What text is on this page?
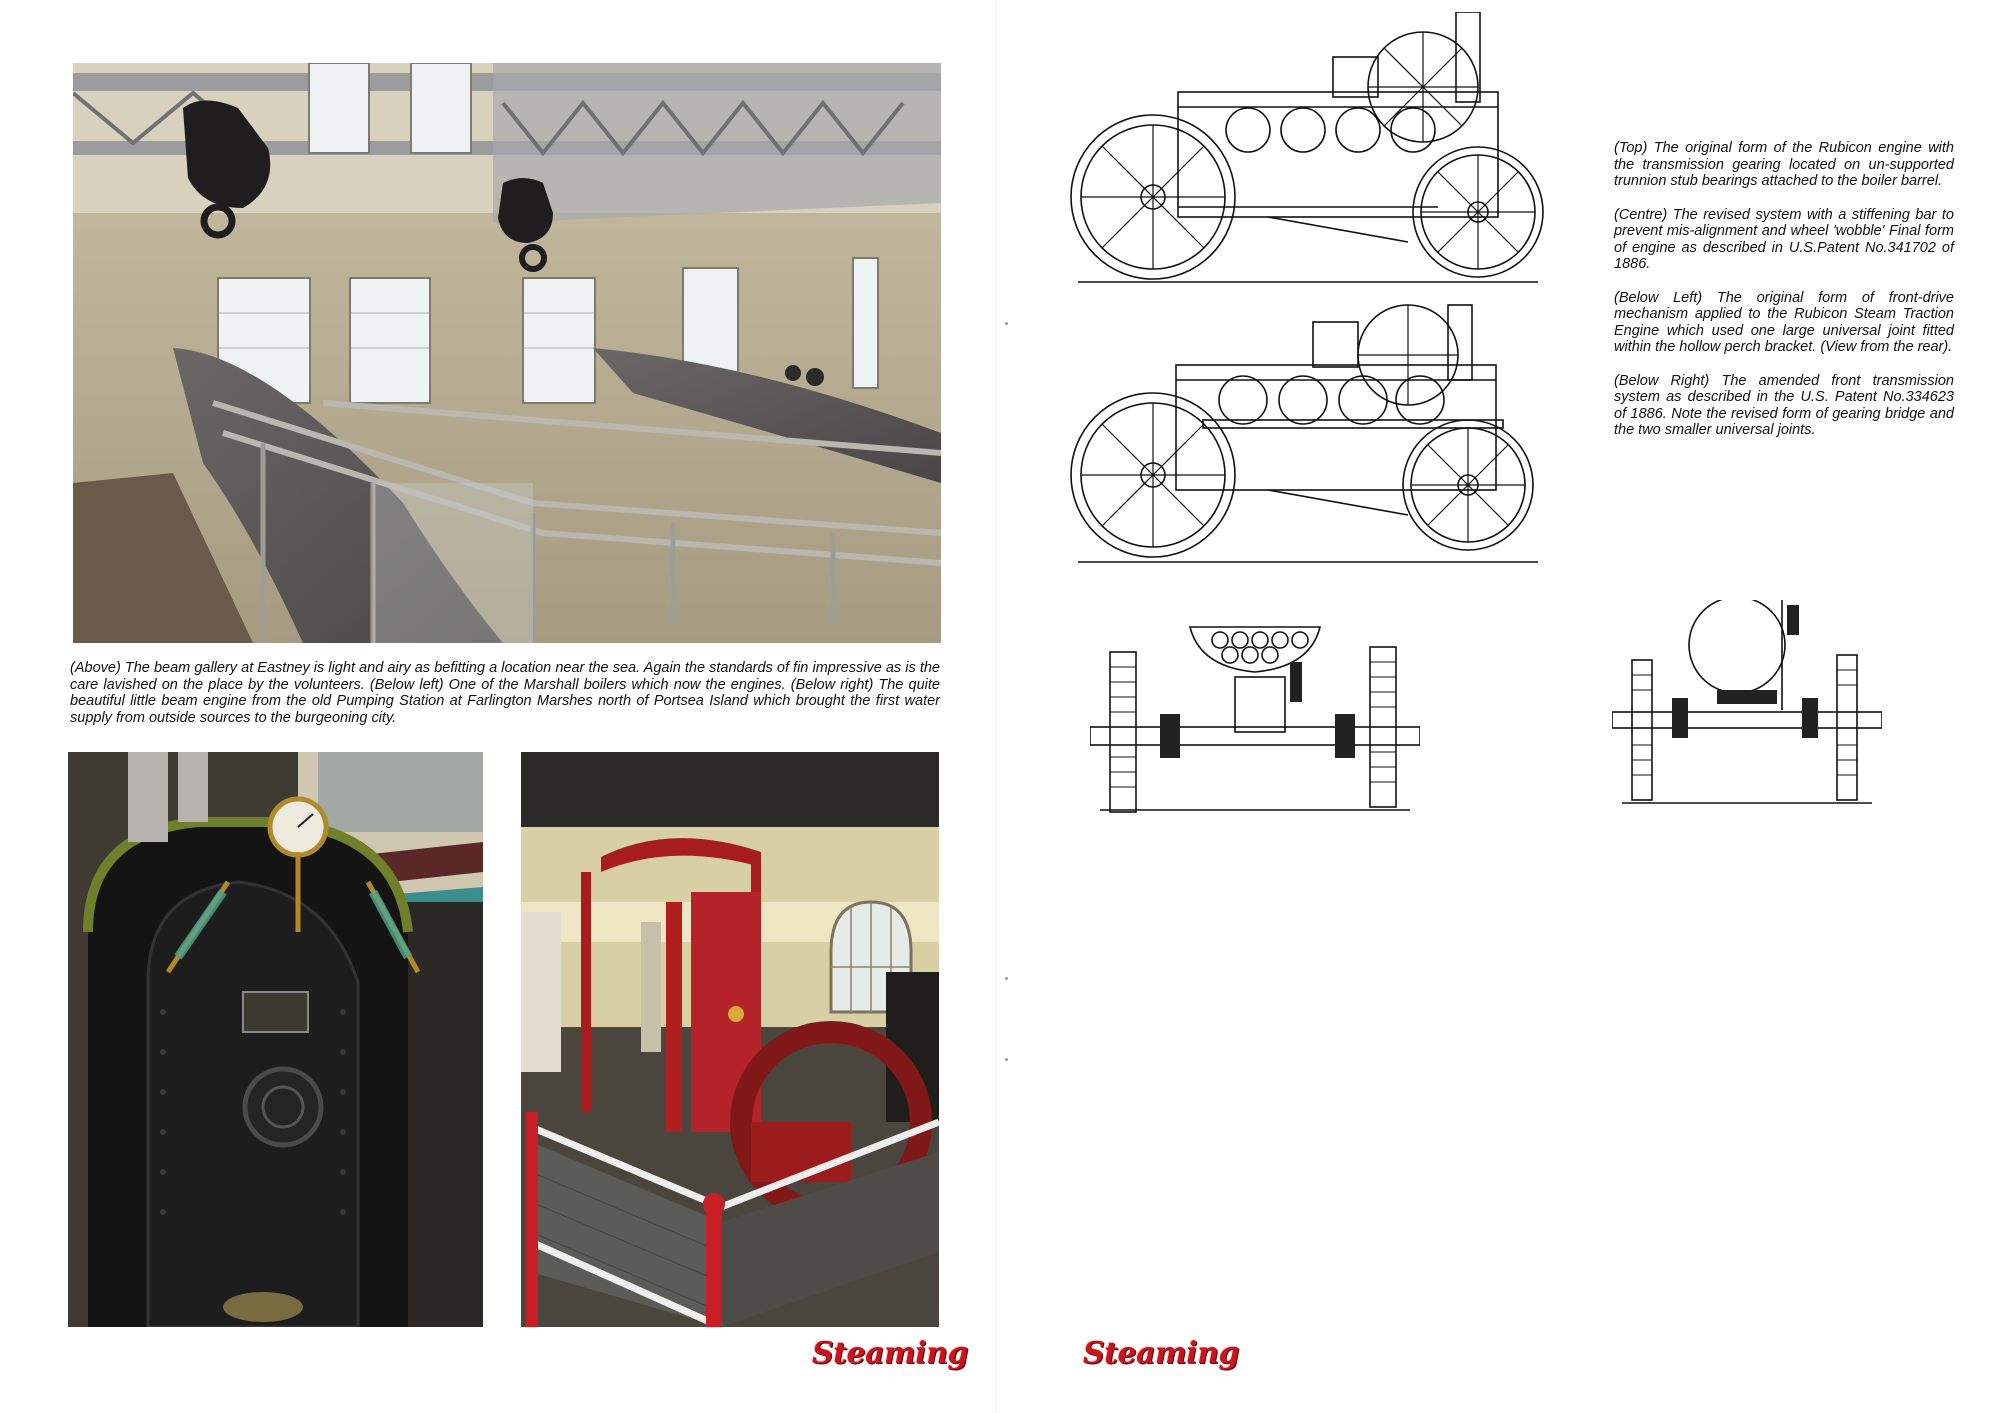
(Above) The beam gallery at Eastney is light and airy as befitting a location near the sea. Again the standards of fin impressive as is the care lavished on the place by the volunteers. (Below left) One of the Marshall boilers which now the engines. (Below right) The quite beautiful little beam engine from the old Pumping Station at Farlington Marshes north of Portsea Island which brought the first water supply from outside sources to the burgeoning city.
Steaming

(Top) The original form of the Rubicon engine with the transmission gearing located on un-supported trunnion stub bearings attached to the boiler barrel.

(Centre) The revised system with a stiffening bar to prevent mis-alignment and wheel 'wobble' Final form of engine as described in U.S.Patent No.341702 of 1886.

(Below Left) The original form of front-drive mechanism applied to the Rubicon Steam Traction Engine which used one large universal joint fitted within the hollow perch bracket. (View from the rear).

(Below Right) The amended front transmission system as described in the U.S. Patent No.334623 of 1886. Note the revised form of gearing bridge and the two smaller universal joints.

Steaming
